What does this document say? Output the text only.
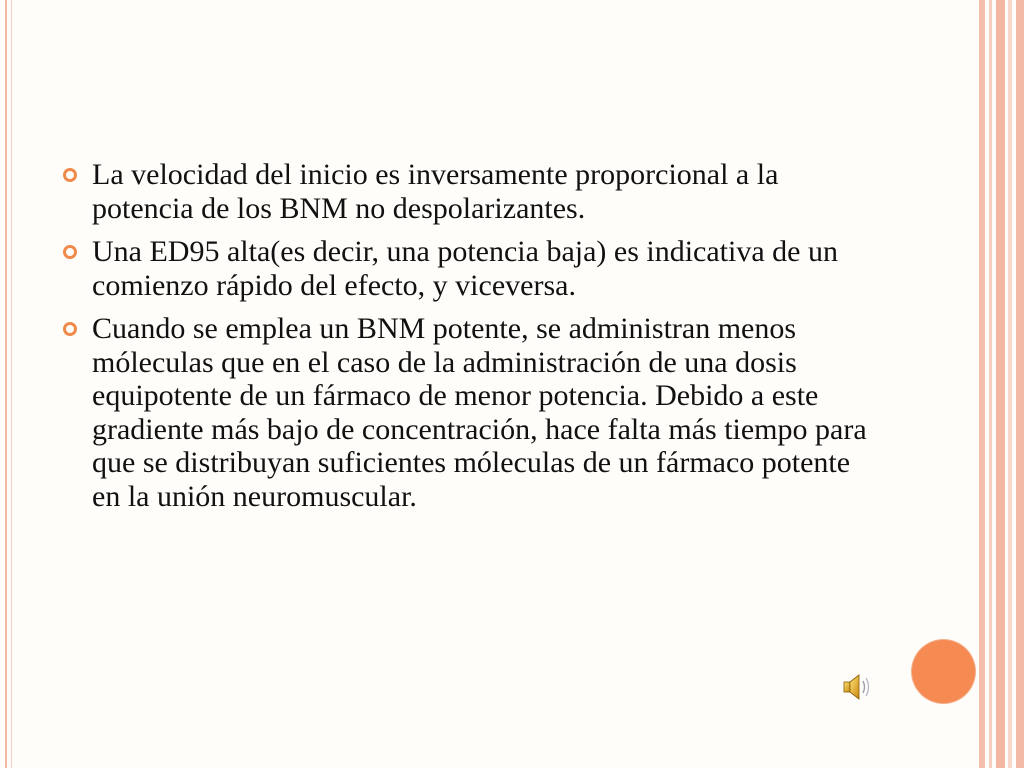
La velocidad del inicio es inversamente proporcional a la potencia de los BNM no despolarizantes.
Una ED95 alta(es decir, una potencia baja) es indicativa de un comienzo rápido del efecto, y viceversa.
Cuando se emplea un BNM potente, se administran menos móleculas que en el caso de la administración de una dosis equipotente de un fármaco de menor potencia. Debido a este gradiente más bajo de concentración, hace falta más tiempo para que se distribuyan suficientes móleculas de un fármaco potente en la unión neuromuscular.
